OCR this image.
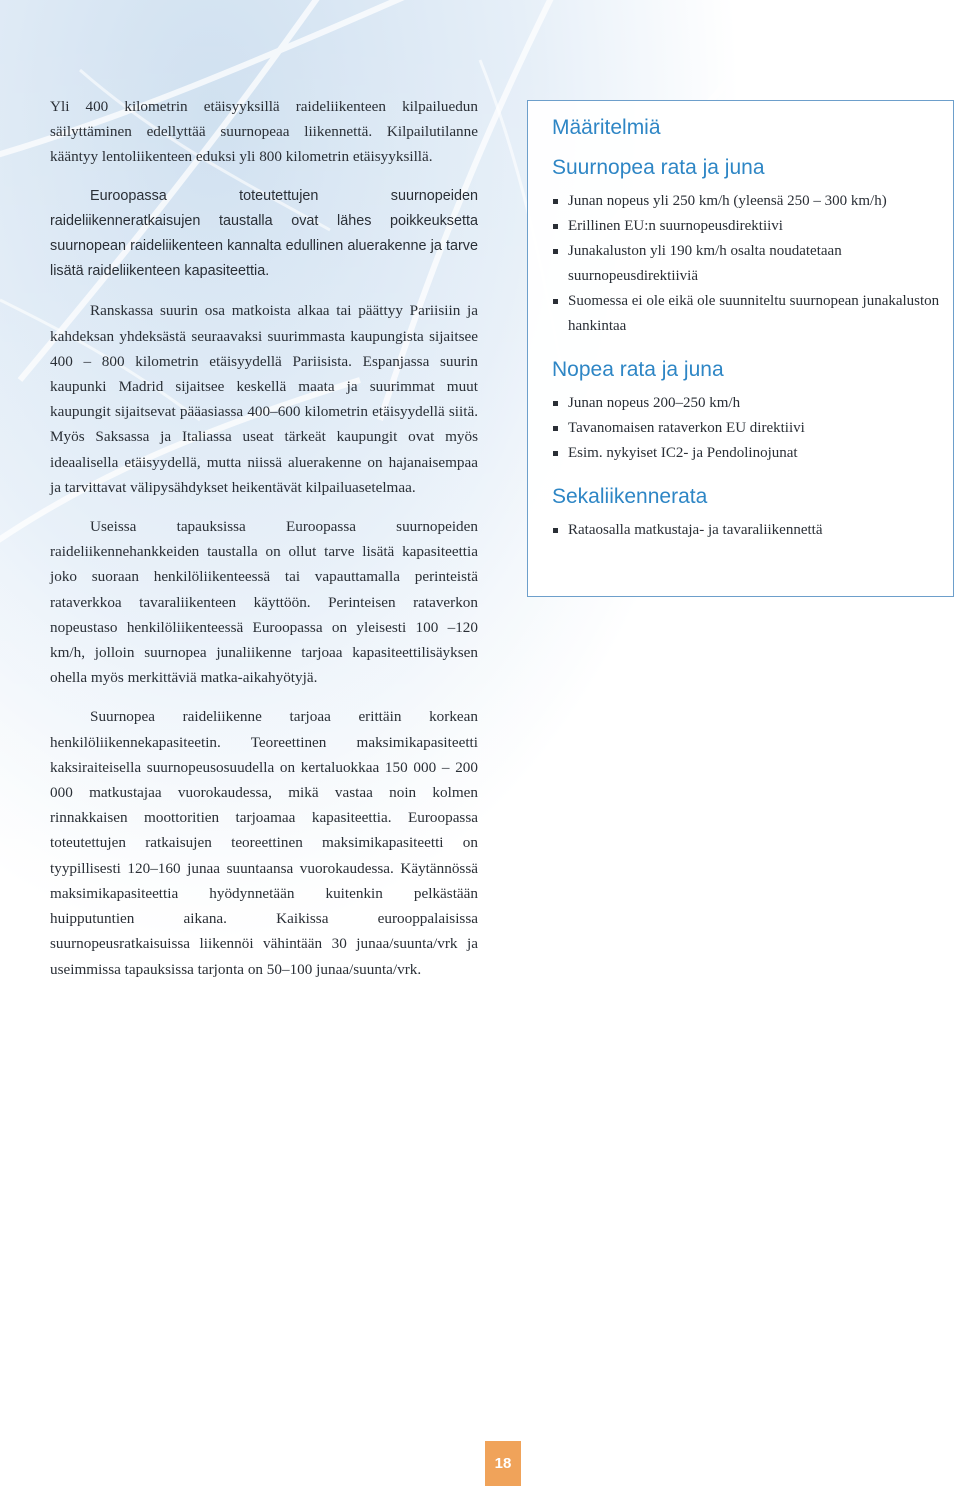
Yli 400 kilometrin etäisyyksillä raideliikenteen kilpailuedun säilyttäminen edellyttää suurnopeaa liikennettä. Kilpailutilanne kääntyy lentoliikenteen eduksi yli 800 kilometrin etäisyyksillä.

Euroopassa toteutettujen suurnopeiden raideliikenneratkaisujen taustalla ovat lähes poikkeuksetta suurnopean raideliikenteen kannalta edullinen aluerakenne ja tarve lisätä raideliikenteen kapasiteettia.

Ranskassa suurin osa matkoista alkaa tai päättyy Pariisiin ja kahdeksan yhdeksästä seuraavaksi suurimmasta kaupungista sijaitsee 400 – 800 kilometrin etäisyydellä Pariisista. Espanjassa suurin kaupunki Madrid sijaitsee keskellä maata ja suurimmat muut kaupungit sijaitsevat pääasiassa 400–600 kilometrin etäisyydellä siitä. Myös Saksassa ja Italiassa useat tärkeät kaupungit ovat myös ideaalisella etäisyydellä, mutta niissä aluerakenne on hajanaisempaa ja tarvittavat välipysähdykset heikentävät kilpailuasetelmaa.

Useissa tapauksissa Euroopassa suurnopeiden raideliikennehankkeiden taustalla on ollut tarve lisätä kapasiteettia joko suoraan henkilöliikenteessä tai vapauttamalla perinteistä rataverkkoa tavaraliikenteen käyttöön. Perinteisen rataverkon nopeustaso henkilöliikenteessä Euroopassa on yleisesti 100 –120 km/h, jolloin suurnopea junaliikenne tarjoaa kapasiteettilisäyksen ohella myös merkittäviä matka-aikahyötyjä.

Suurnopea raideliikenne tarjoaa erittäin korkean henkilöliikennekapasiteetin. Teoreettinen maksimikapasiteetti kaksiraiteisella suurnopeusosuudella on kertaluokkaa 150 000 – 200 000 matkustajaa vuorokaudessa, mikä vastaa noin kolmen rinnakkaisen moottoritien tarjoamaa kapasiteettia. Euroopassa toteutettujen ratkaisujen teoreettinen maksimikapasiteetti on tyypillisesti 120–160 junaa suuntaansa vuorokaudessa. Käytännössä maksimikapasiteettia hyödynnetään kuitenkin pelkästään huipputuntien aikana. Kaikissa eurooppalaisissa suurnopeusratkaisuissa liikennöi vähintään 30 junaa/suunta/vrk ja useimmissa tapauksissa tarjonta on 50–100 junaa/suunta/vrk.

Määritelmiä
Suurnopea rata ja juna
Junan nopeus yli 250 km/h (yleensä 250 – 300 km/h)
Erillinen EU:n suurnopeusdirektiivi
Junakaluston yli 190 km/h osalta noudatetaan suurnopeusdirektiiviä
Suomessa ei ole eikä ole suunniteltu suurnopean junakaluston hankintaa
Nopea rata ja juna
Junan nopeus 200–250 km/h
Tavanomaisen rataverkon EU direktiivi
Esim. nykyiset IC2- ja Pendolinojunat
Sekaliikennerata
Rataosalla matkustaja- ja tavaraliikennettä
18
